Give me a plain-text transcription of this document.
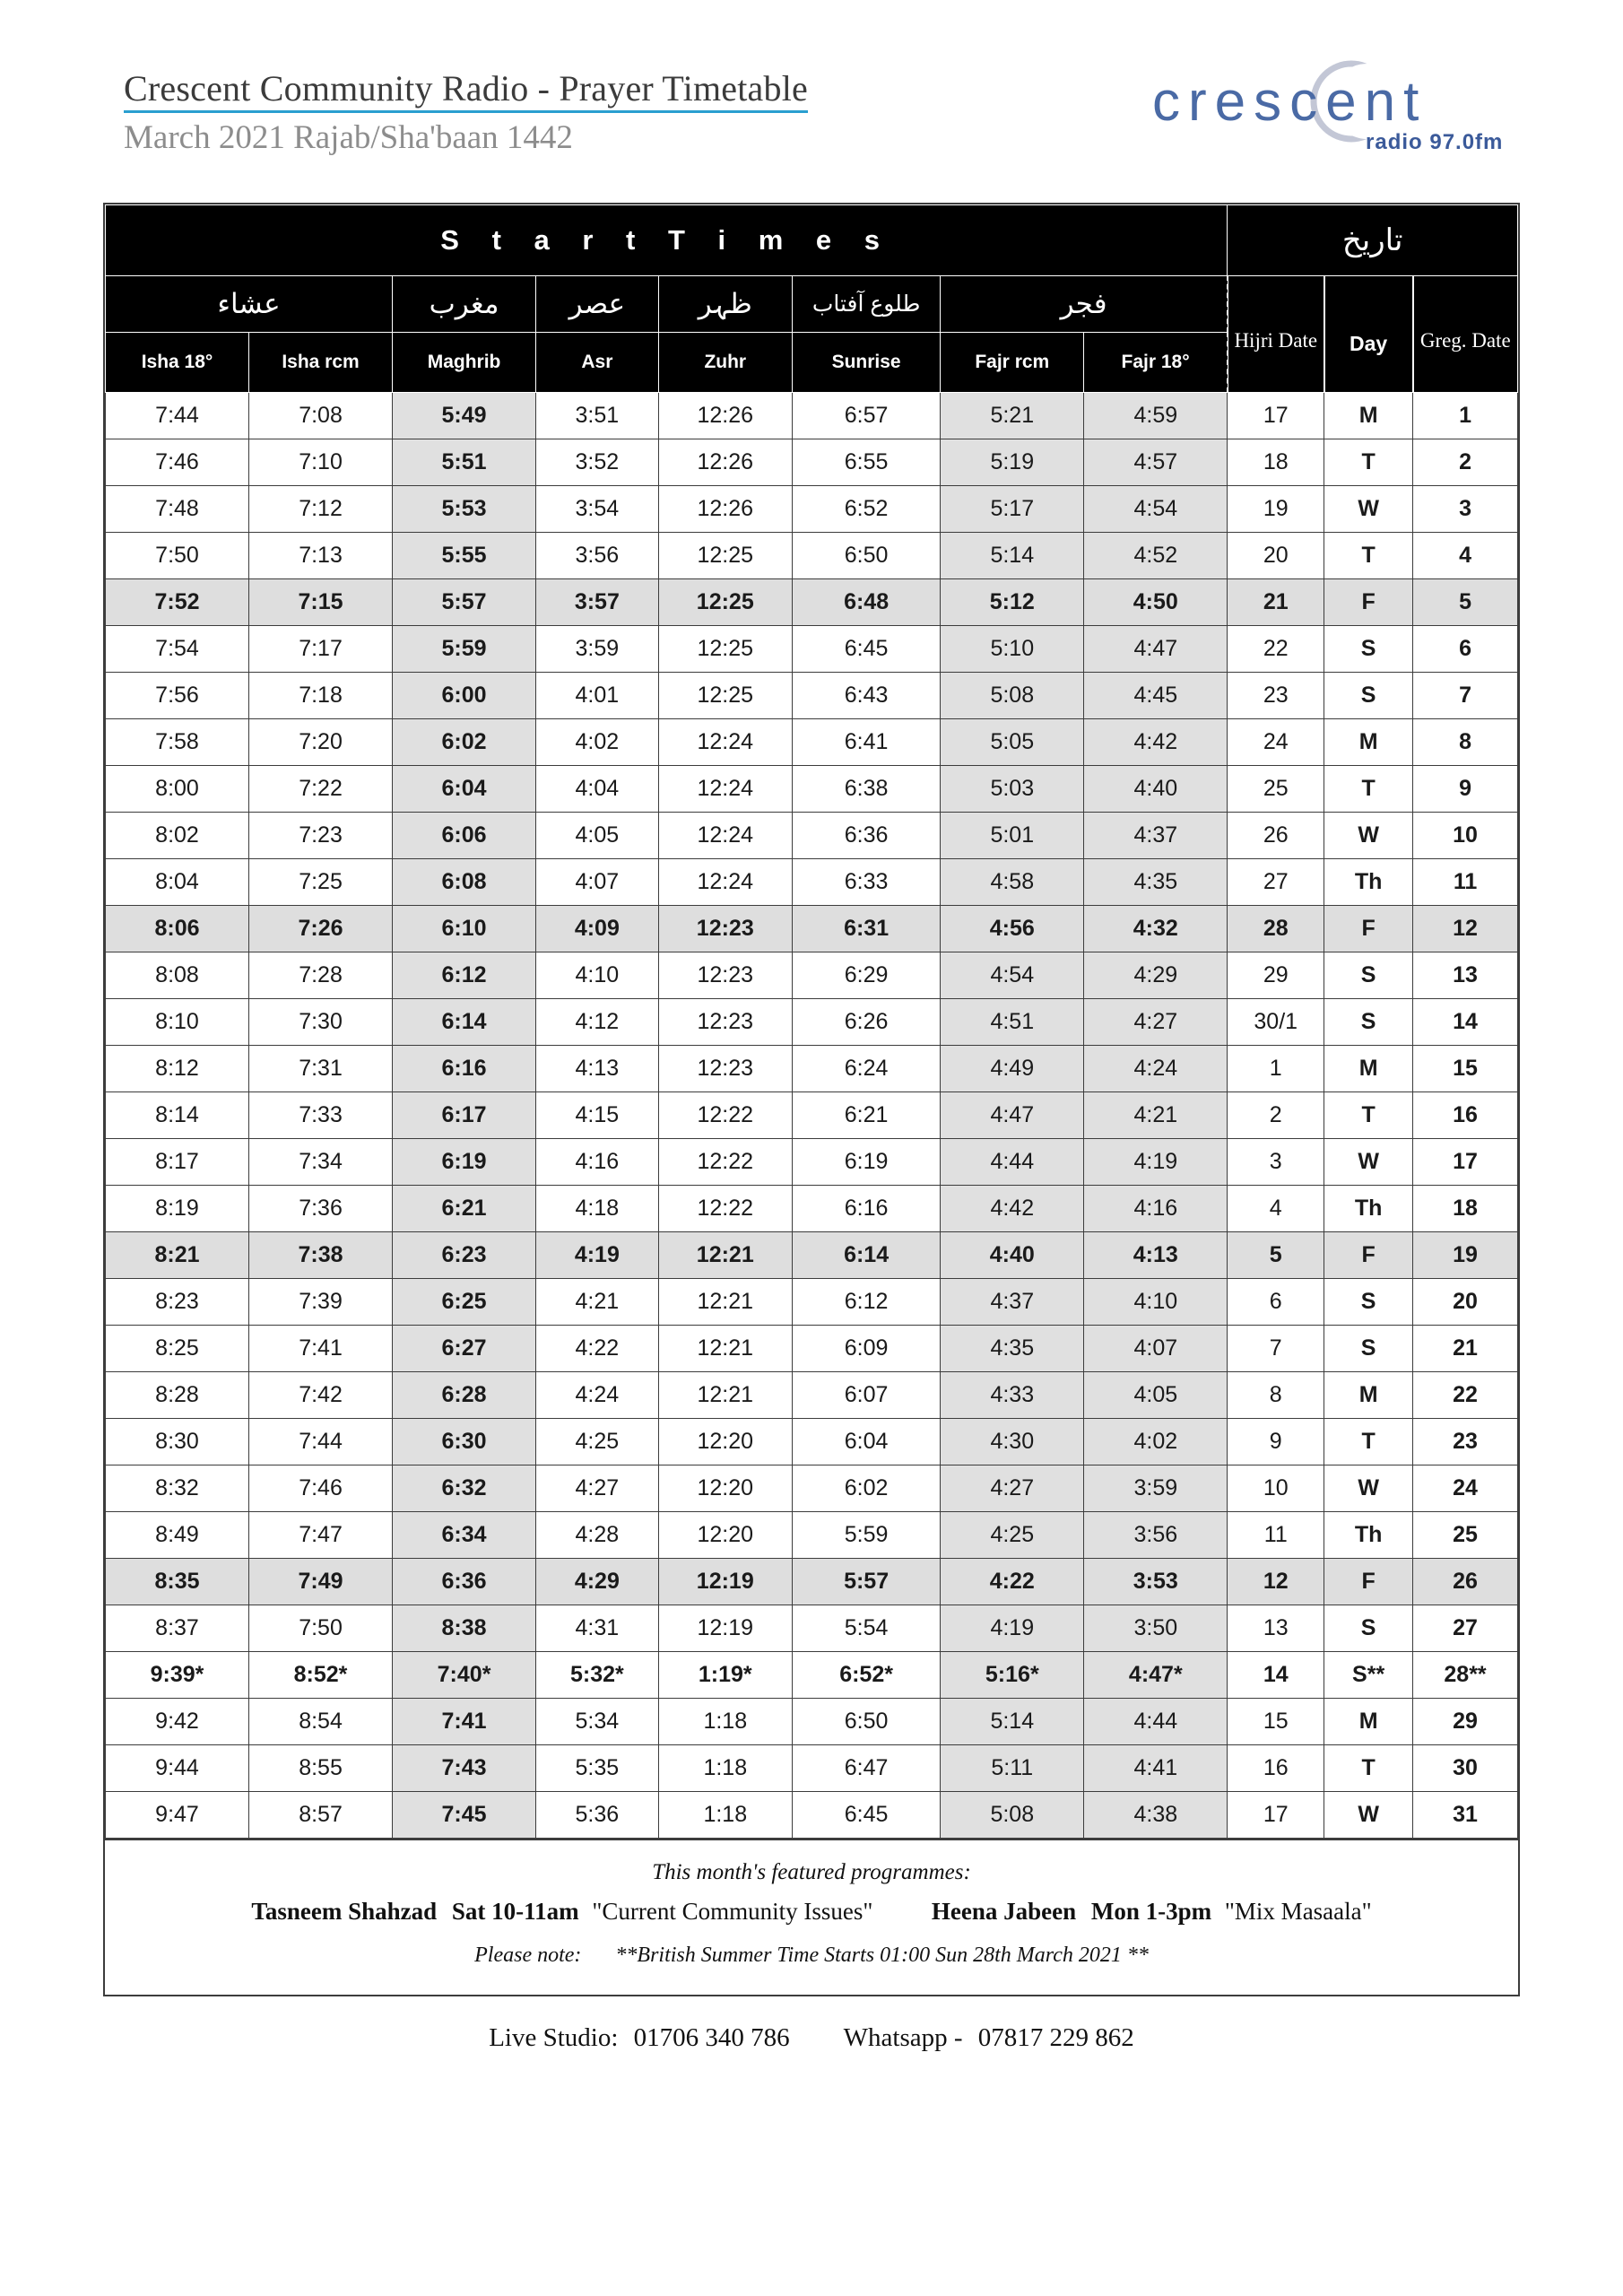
Crescent Community Radio - Prayer Timetable
March 2021 Rajab/Sha'baan 1442
crescent
radio 97.0fm
S t a r t T i m e s								تاریخ		
عشاء		مغرب	عصر	ظہر	طلوع آفتاب	فجر		Hijri Date	Day	Greg. Date

Isha 18°	Isha rcm	Maghrib	Asr	Zuhr	Sunrise	Fajr rcm	Fajr 18°			
7:44	7:08	5:49	3:51	12:26	6:57	5:21	4:59	17	M	1
7:46	7:10	5:51	3:52	12:26	6:55	5:19	4:57	18	T	2
7:48	7:12	5:53	3:54	12:26	6:52	5:17	4:54	19	W	3
7:50	7:13	5:55	3:56	12:25	6:50	5:14	4:52	20	T	4
7:52	7:15	5:57	3:57	12:25	6:48	5:12	4:50	21	F	5
7:54	7:17	5:59	3:59	12:25	6:45	5:10	4:47	22	S	6
7:56	7:18	6:00	4:01	12:25	6:43	5:08	4:45	23	S	7
7:58	7:20	6:02	4:02	12:24	6:41	5:05	4:42	24	M	8
8:00	7:22	6:04	4:04	12:24	6:38	5:03	4:40	25	T	9
8:02	7:23	6:06	4:05	12:24	6:36	5:01	4:37	26	W	10
8:04	7:25	6:08	4:07	12:24	6:33	4:58	4:35	27	Th	11
8:06	7:26	6:10	4:09	12:23	6:31	4:56	4:32	28	F	12
8:08	7:28	6:12	4:10	12:23	6:29	4:54	4:29	29	S	13
8:10	7:30	6:14	4:12	12:23	6:26	4:51	4:27	30/1	S	14
8:12	7:31	6:16	4:13	12:23	6:24	4:49	4:24	1	M	15
8:14	7:33	6:17	4:15	12:22	6:21	4:47	4:21	2	T	16
8:17	7:34	6:19	4:16	12:22	6:19	4:44	4:19	3	W	17
8:19	7:36	6:21	4:18	12:22	6:16	4:42	4:16	4	Th	18
8:21	7:38	6:23	4:19	12:21	6:14	4:40	4:13	5	F	19
8:23	7:39	6:25	4:21	12:21	6:12	4:37	4:10	6	S	20
8:25	7:41	6:27	4:22	12:21	6:09	4:35	4:07	7	S	21
8:28	7:42	6:28	4:24	12:21	6:07	4:33	4:05	8	M	22
8:30	7:44	6:30	4:25	12:20	6:04	4:30	4:02	9	T	23
8:32	7:46	6:32	4:27	12:20	6:02	4:27	3:59	10	W	24
8:49	7:47	6:34	4:28	12:20	5:59	4:25	3:56	11	Th	25
8:35	7:49	6:36	4:29	12:19	5:57	4:22	3:53	12	F	26
8:37	7:50	8:38	4:31	12:19	5:54	4:19	3:50	13	S	27
9:39*	8:52*	7:40*	5:32*	1:19*	6:52*	5:16*	4:47*	14	S**	28**
9:42	8:54	7:41	5:34	1:18	6:50	5:14	4:44	15	M	29
9:44	8:55	7:43	5:35	1:18	6:47	5:11	4:41	16	T	30
9:47	8:57	7:45	5:36	1:18	6:45	5:08	4:38	17	W	31
This month's featured programmes:
Tasneem Shahzad Sat 10-11am "Current Community Issues" Heena Jabeen Mon 1-3pm "Mix Masaala"
Please note: **British Summer Time Starts 01:00 Sun 28th March 2021 **
Live Studio: 01706 340 786 Whatsapp - 07817 229 862
